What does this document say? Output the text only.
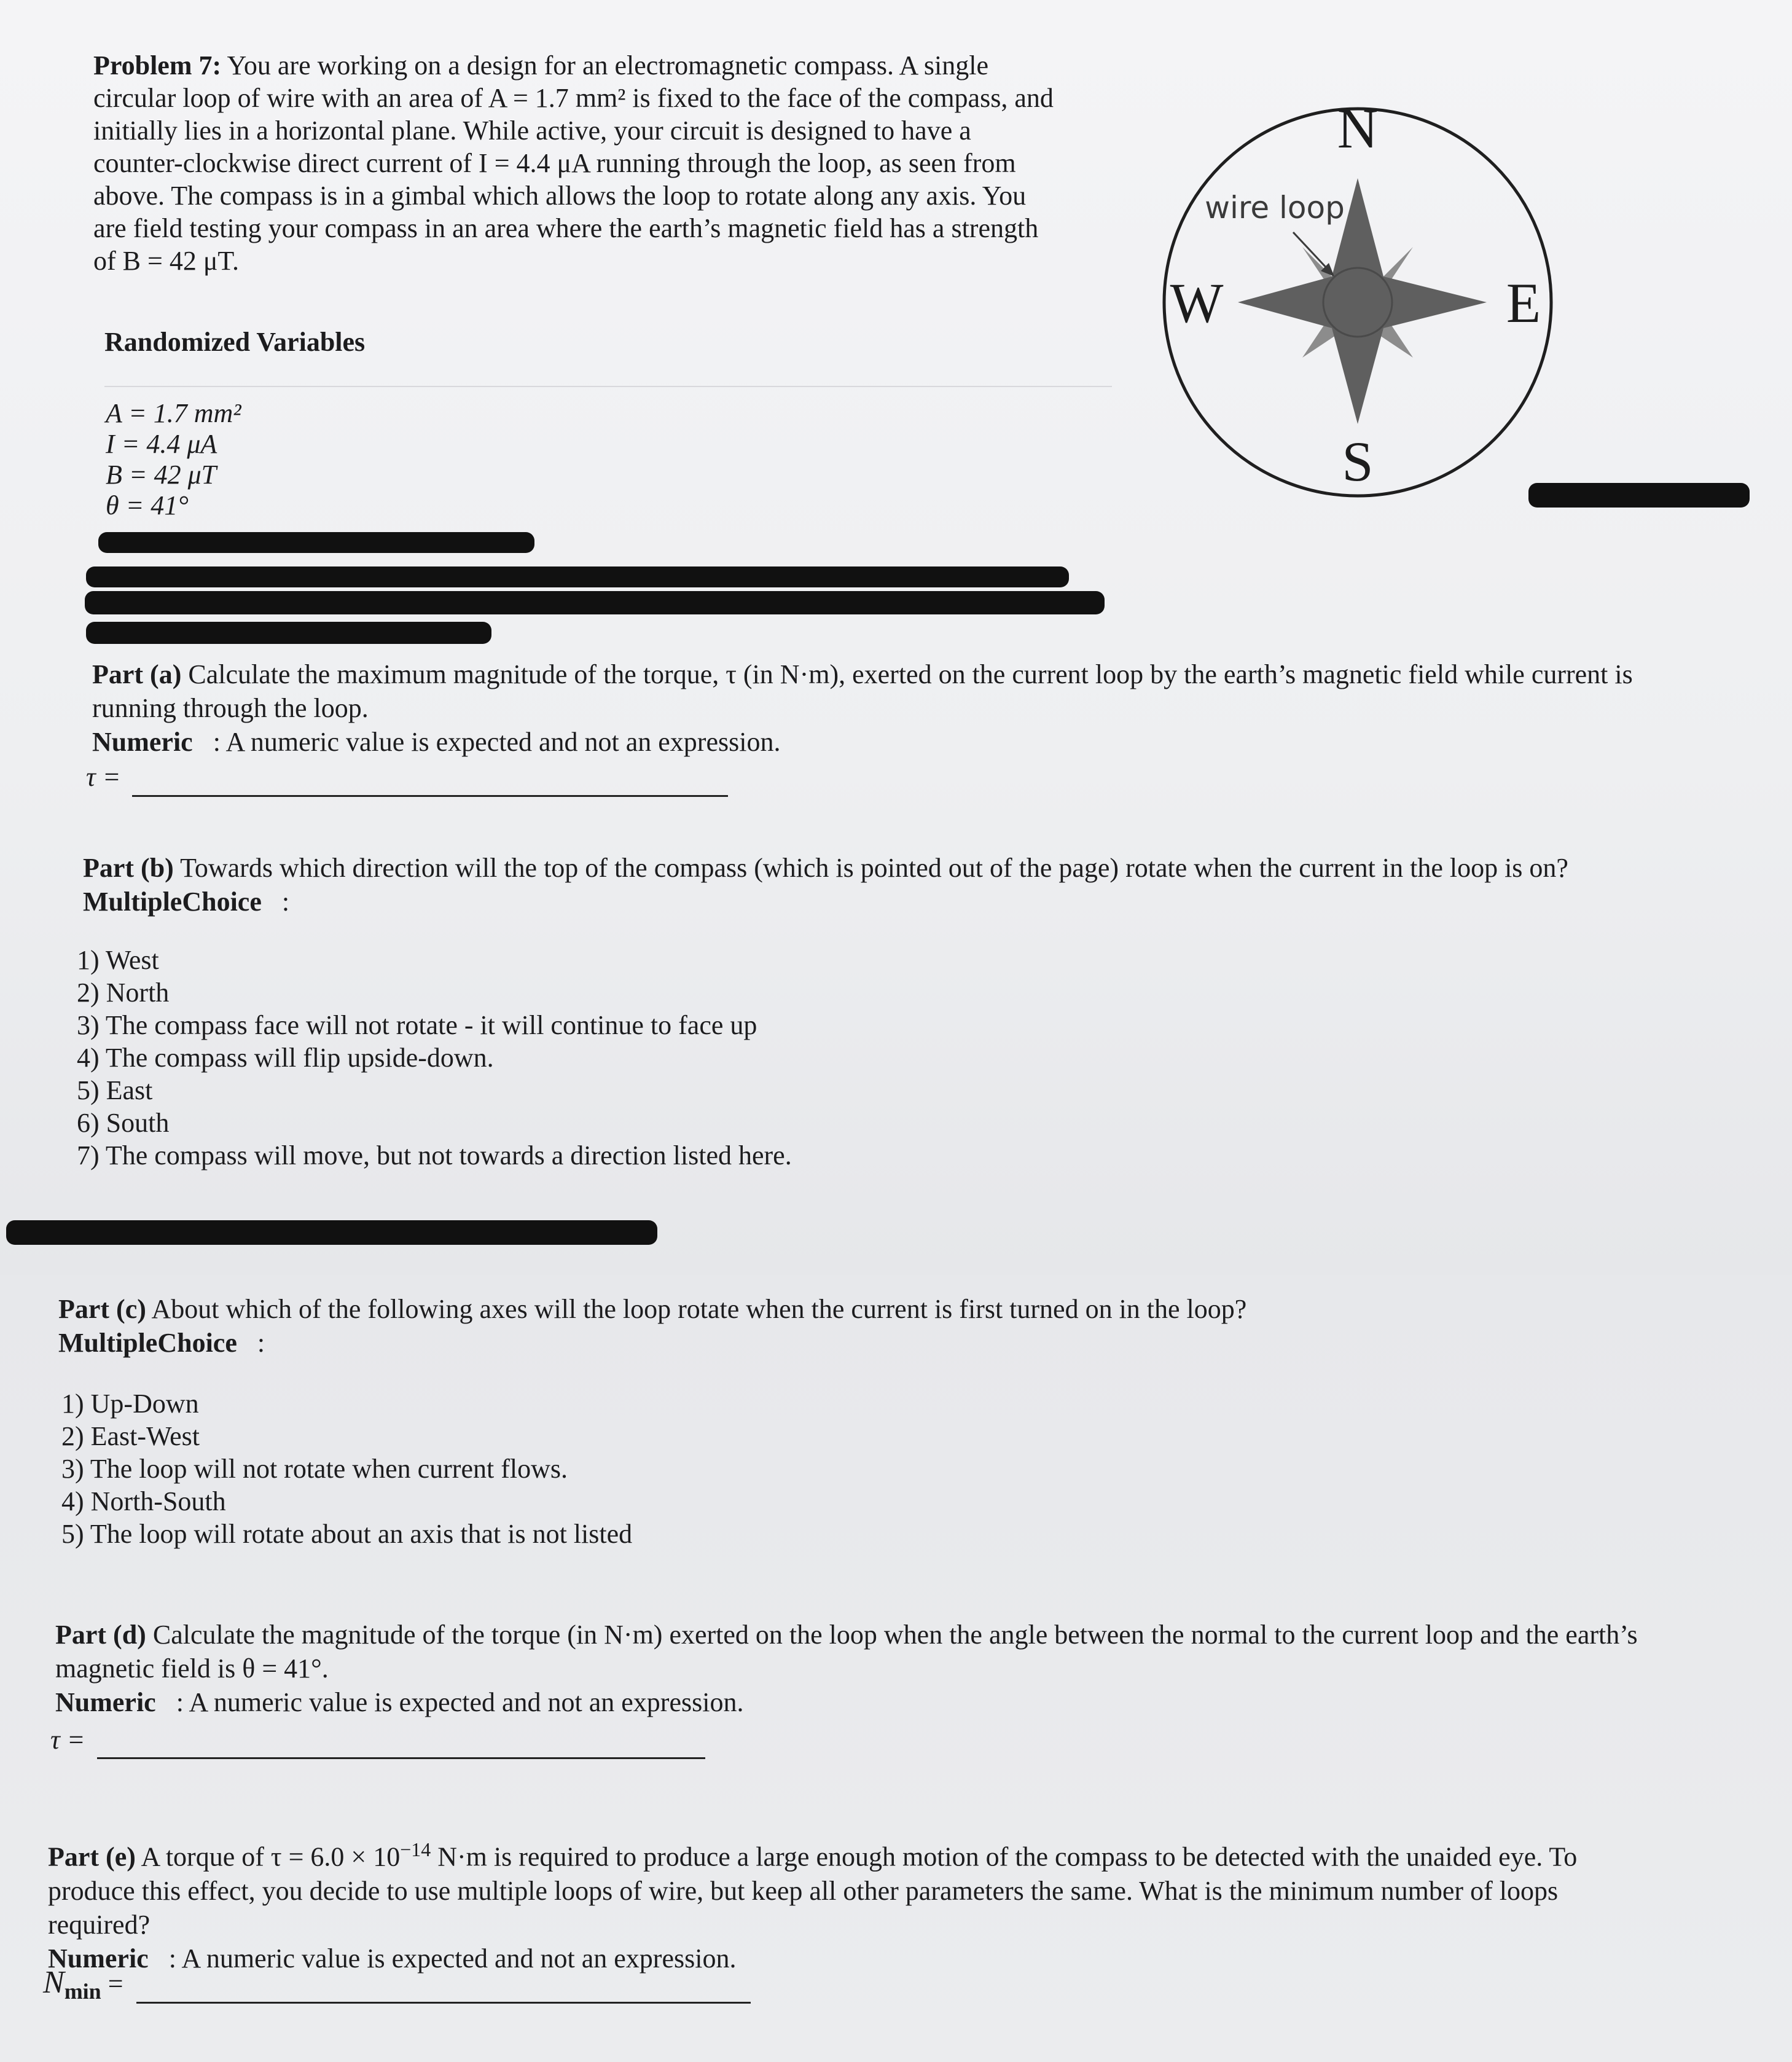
Problem 7: You are working on a design for an electromagnetic compass. A single
circular loop of wire with an area of A = 1.7 mm² is fixed to the face of the compass, and
initially lies in a horizontal plane. While active, your circuit is designed to have a
counter-clockwise direct current of I = 4.4 μA running through the loop, as seen from
above. The compass is in a gimbal which allows the loop to rotate along any axis. You
are field testing your compass in an area where the earth’s magnetic field has a strength
of B = 42 μT.
Randomized Variables
A = 1.7 mm²
I = 4.4 μA
B = 42 μT
θ = 41°
N
S
E
W
wire loop
Part (a) Calculate the maximum magnitude of the torque, τ (in N·m), exerted on the current loop by the earth’s magnetic field while current is
running through the loop.
Numeric : A numeric value is expected and not an expression.
τ =
Part (b) Towards which direction will the top of the compass (which is pointed out of the page) rotate when the current in the loop is on?
MultipleChoice :
1) West
2) North
3) The compass face will not rotate - it will continue to face up
4) The compass will flip upside-down.
5) East
6) South
7) The compass will move, but not towards a direction listed here.
Part (c) About which of the following axes will the loop rotate when the current is first turned on in the loop?
MultipleChoice :
1) Up-Down
2) East-West
3) The loop will not rotate when current flows.
4) North-South
5) The loop will rotate about an axis that is not listed
Part (d) Calculate the magnitude of the torque (in N·m) exerted on the loop when the angle between the normal to the current loop and the earth’s
magnetic field is θ = 41°.
Numeric : A numeric value is expected and not an expression.
τ =
Part (e) A torque of $\tau = 6.0 \times 10^{-14}$ N·m is required to produce a large enough motion of the compass to be detected with the unaided eye. To
produce this effect, you decide to use multiple loops of wire, but keep all other parameters the same. What is the minimum number of loops
required?
Numeric : A numeric value is expected and not an expression.
$N_{min}$ =
